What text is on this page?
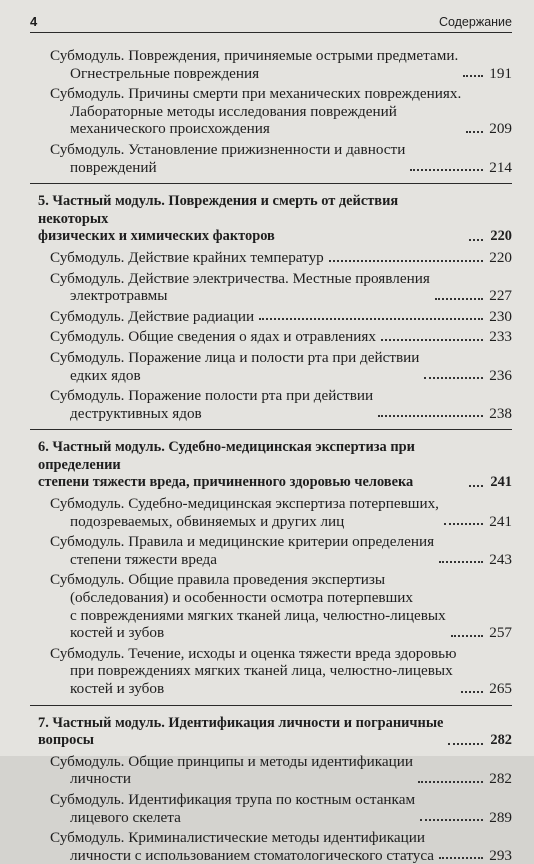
4	Содержание
Субмодуль. Повреждения, причиняемые острыми предметами.
Огнестрельные повреждения	191
Субмодуль. Причины смерти при механических повреждениях.
Лабораторные методы исследования повреждений
механического происхождения	209
Субмодуль. Установление прижизненности и давности
повреждений	214
5. Частный модуль. Повреждения и смерть от действия некоторых
физических и химических факторов	220
Субмодуль. Действие крайних температур	220
Субмодуль. Действие электричества. Местные проявления
электротравмы	227
Субмодуль. Действие радиации	230
Субмодуль. Общие сведения о ядах и отравлениях	233
Субмодуль. Поражение лица и полости рта при действии
едких ядов	236
Субмодуль. Поражение полости рта при действии
деструктивных ядов	238
6. Частный модуль. Судебно-медицинская экспертиза при определении
степени тяжести вреда, причиненного здоровью человека	241
Субмодуль. Судебно-медицинская экспертиза потерпевших,
подозреваемых, обвиняемых и других лиц	241
Субмодуль. Правила и медицинские критерии определения
степени тяжести вреда	243
Субмодуль. Общие правила проведения экспертизы
(обследования) и особенности осмотра потерпевших
с повреждениями мягких тканей лица, челюстно-лицевых
костей и зубов	257
Субмодуль. Течение, исходы и оценка тяжести вреда здоровью
при повреждениях мягких тканей лица, челюстно-лицевых
костей и зубов	265
7. Частный модуль. Идентификация личности и пограничные
вопросы	282
Субмодуль. Общие принципы и методы идентификации
личности	282
Субмодуль. Идентификация трупа по костным останкам
лицевого скелета	289
Субмодуль. Криминалистические методы идентификации
личности с использованием стоматологического статуса	293
